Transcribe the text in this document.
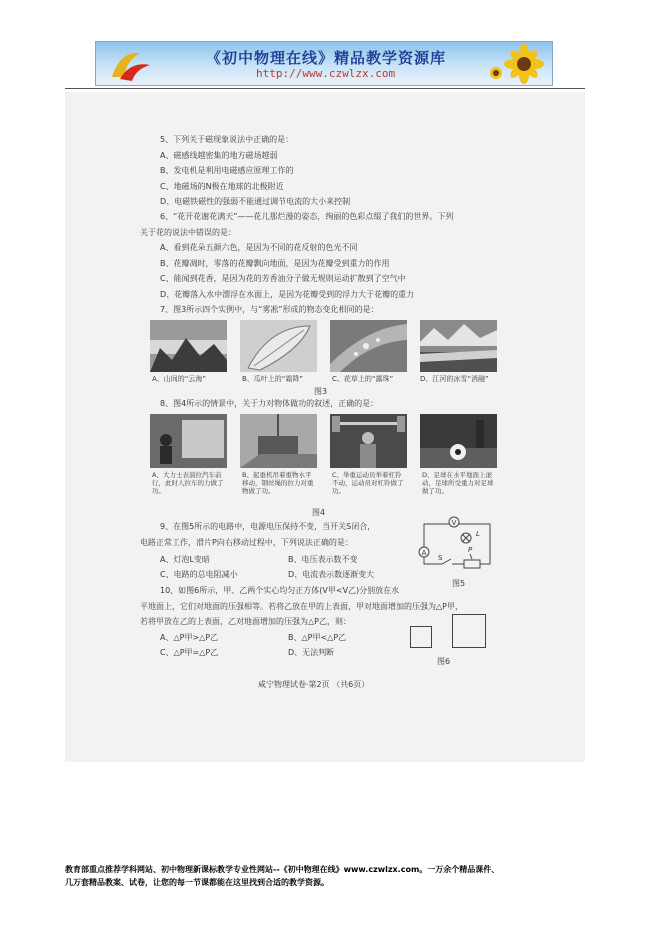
《初中物理在线》精品教学资源库
http://www.czwlzx.com
5、下列关于磁现象说法中正确的是：
A、磁感线越密集的地方磁场越弱
B、发电机是利用电磁感应原理工作的
C、地磁场的N极在地球的北极附近
D、电磁铁磁性的强弱不能通过调节电流的大小来控制
6、“花开花谢花满天”——花儿那烂漫的姿态，绚丽的色彩点缀了我们的世界。下列
关于花的说法中错误的是：
A、看到花朵五颜六色，是因为不同的花反射的色光不同
B、花瓣凋时，零落的花瓣飘向地面，是因为花瓣受到重力的作用
C、能闻到花香，是因为花的芳香油分子做无规则运动扩散到了空气中
D、花瓣落入水中漂浮在水面上，是因为花瓣受到的浮力大于花瓣的重力
7、图3所示四个实例中，与“雾凇”形成的物态变化相同的是：
A、山间的“云海”	B、瓜叶上的“霜降”	C、花草上的“露珠”	D、江河的冰雪“消融”
图3
8、图4所示的情景中，关于力对物体做功的叙述，正确的是：
A、大力士表演拉汽车前行，此时人拉车的力做了功。
B、起重机吊着重物水平移动，钢丝绳的拉力对重物做了功。
C、举重运动员举着杠铃不动，运动员对杠铃做了功。
D、足球在水平地面上滚动，足球所受重力对足球做了功。
图4
9、在图5所示的电路中，电源电压保持不变，当开关S闭合，
电路正常工作，滑片P向右移动过程中，下列说法正确的是：
A、灯泡L变暗	B、电压表示数不变
C、电路的总电阻减小	D、电流表示数逐渐变大
V
L
A	P
S
图5
10、如图6所示，甲、乙两个实心均匀正方体(V甲<V乙)分别放在水
平地面上，它们对地面的压强相等。若将乙放在甲的上表面，甲对地面增加的压强为△P甲，
若将甲放在乙的上表面，乙对地面增加的压强为△P乙，则：
A、△P甲>△P乙	B、△P甲<△P乙
C、△P甲=△P乙	D、无法判断
图6
咸宁物理试卷·第2页 （共6页）
教育部重点推荐学科网站、初中物理新课标教学专业性网站--《初中物理在线》www.czwlzx.com。一万余个精品课件、
几万套精品教案、试卷，让您的每一节课都能在这里找到合适的教学资源。
